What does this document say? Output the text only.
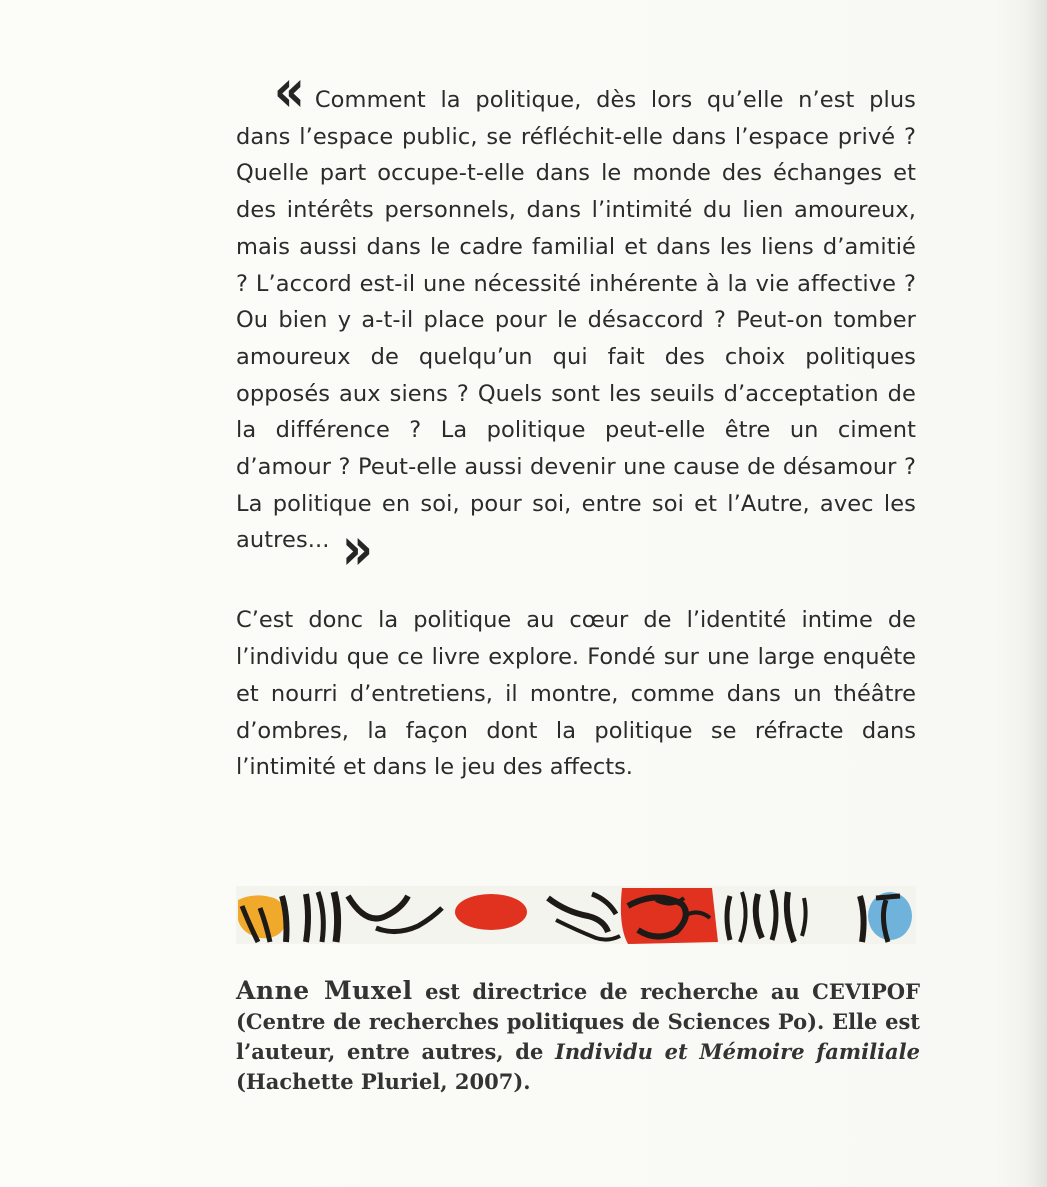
« Comment la politique, dès lors qu’elle n’est plus dans l’espace public, se réfléchit-elle dans l’espace privé ? Quelle part occupe-t-elle dans le monde des échanges et des intérêts personnels, dans l’intimité du lien amoureux, mais aussi dans le cadre familial et dans les liens d’amitié ? L’accord est-il une nécessité inhérente à la vie affective ? Ou bien y a-t-il place pour le désaccord ? Peut-on tomber amoureux de quelqu’un qui fait des choix politiques opposés aux siens ? Quels sont les seuils d’acceptation de la différence ? La politique peut-elle être un ciment d’amour ? Peut-elle aussi devenir une cause de désamour ? La politique en soi, pour soi, entre soi et l’Autre, avec les autres... »

C’est donc la politique au cœur de l’identité intime de l’individu que ce livre explore. Fondé sur une large enquête et nourri d’entretiens, il montre, comme dans un théâtre d’ombres, la façon dont la politique se réfracte dans l’intimité et dans le jeu des affects.

Anne Muxel est directrice de recherche au CEVIPOF (Centre de recherches politiques de Sciences Po). Elle est l’auteur, entre autres, de Individu et Mémoire familiale (Hachette Pluriel, 2007).
